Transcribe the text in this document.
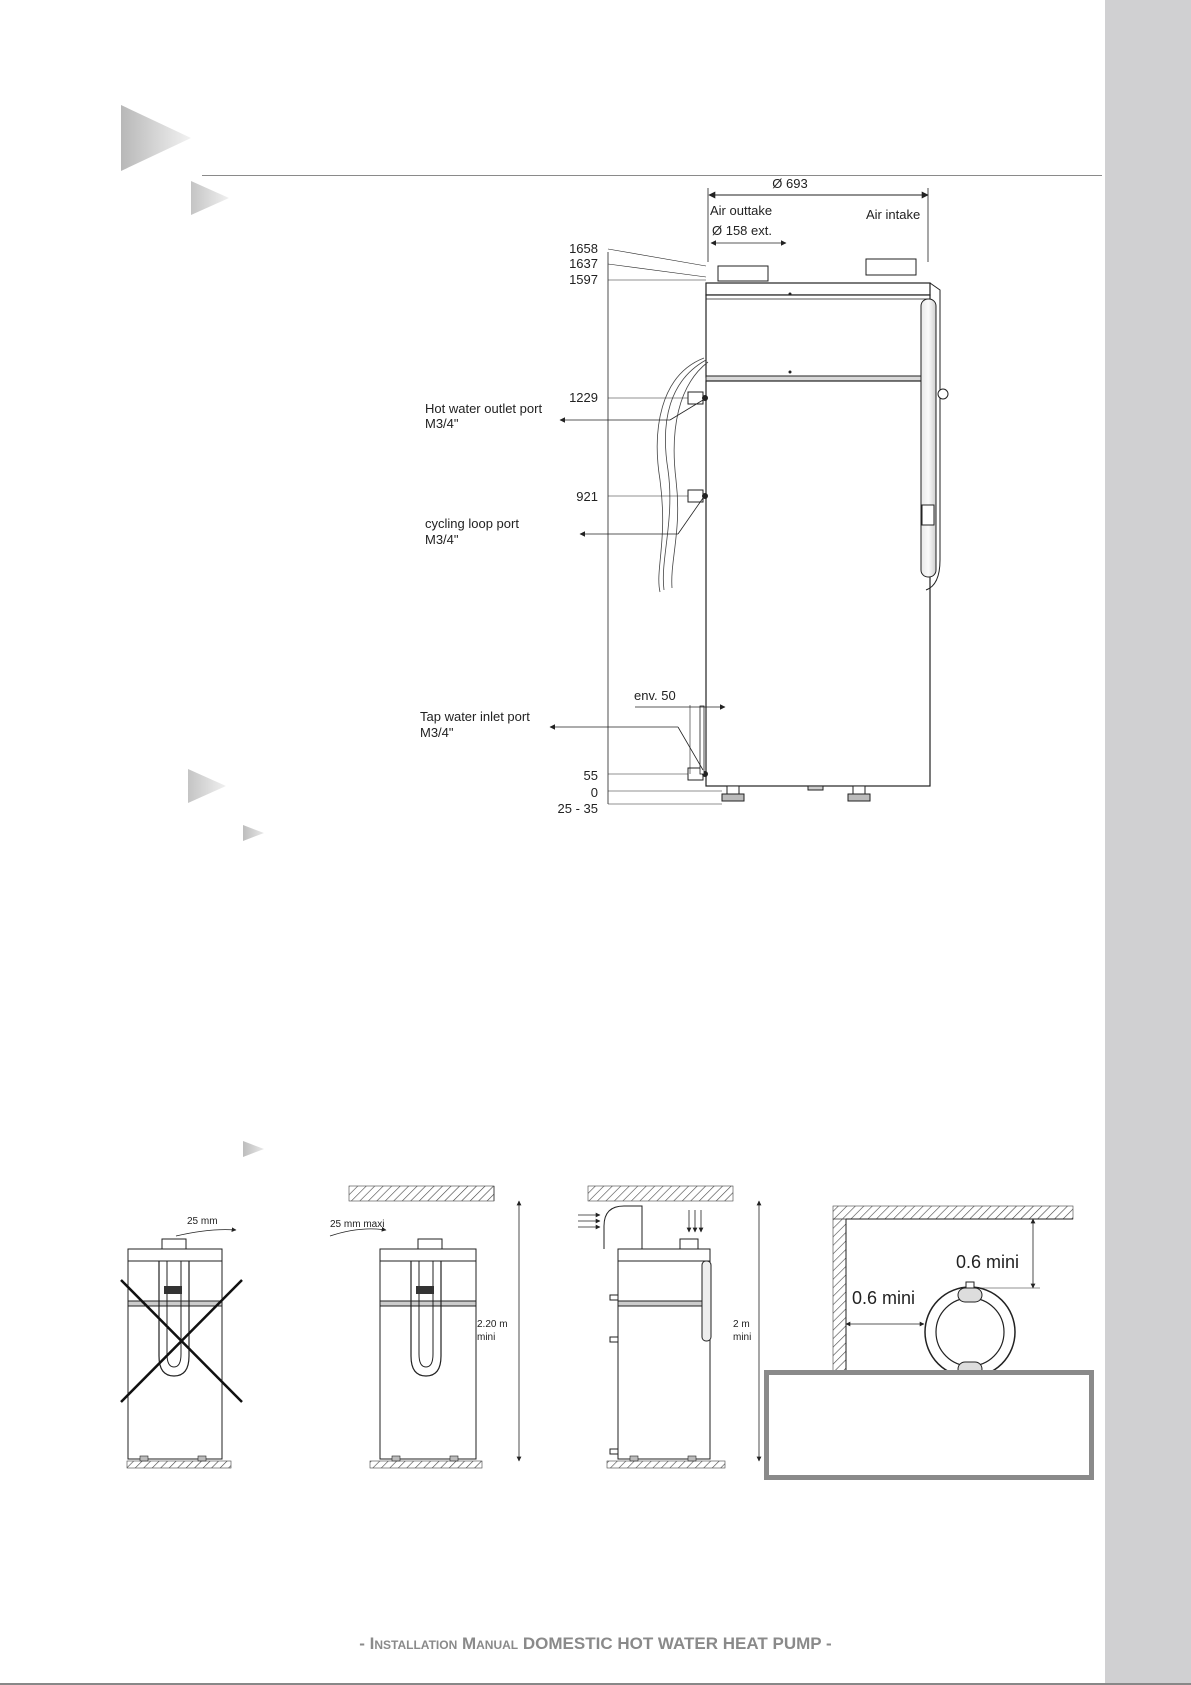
Ø 693
Air outtake	Air intake
Ø 158 ext.
1658
1637
1597
1229
921
55
0
25 - 35
Hot water outlet port
M3/4"
cycling loop port
M3/4"
Tap water inlet port
M3/4"
env. 50
25 mm	25 mm maxi
2.20 m
mini
2 m
mini
0.6 mini
0.6 mini
- Installation Manual DOMESTIC HOT WATER HEAT PUMP -
